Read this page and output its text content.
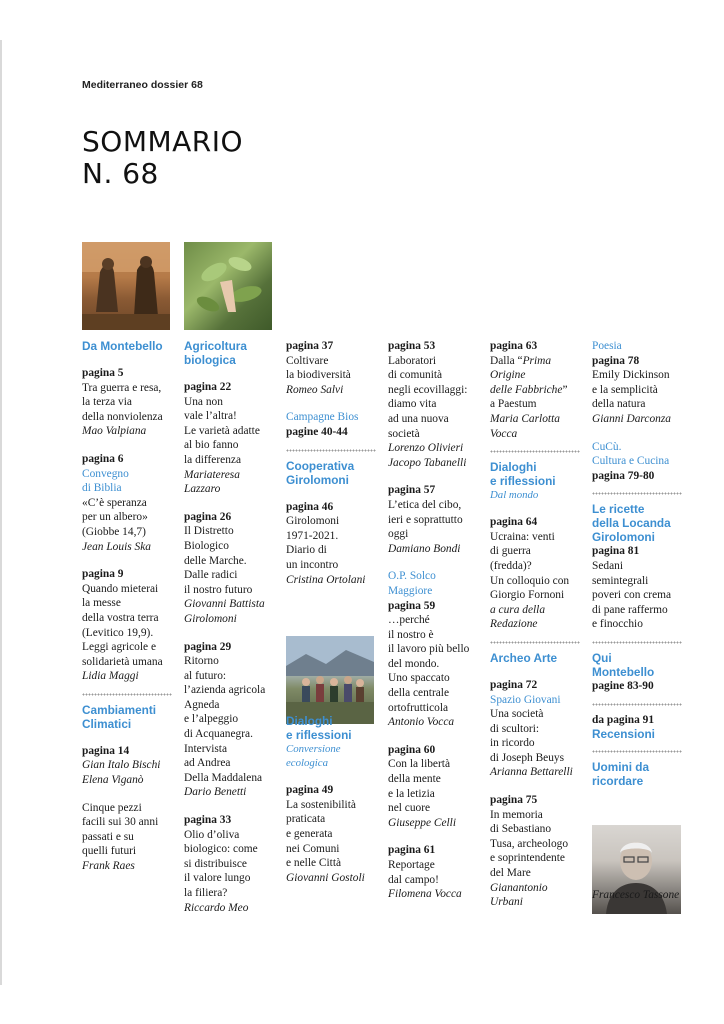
Mediterraneo dossier 68
SOMMARIO
N. 68
Da Montebello
pagina 5
Tra guerra e resa,
la terza via
della nonviolenza
Mao Valpiana
pagina 6
Convegno
di Biblia
«C’è speranza
per un albero»
(Giobbe 14,7)
Jean Louis Ska
pagina 9
Quando mieterai
la messe
della vostra terra
(Levitico 19,9).
Leggi agricole e
solidarietà umana
Lidia Maggi
Cambiamenti
Climatici
pagina 14
Gian Italo Bischi
Elena Viganò
Cinque pezzi
facili sui 30 anni
passati e su
quelli futuri
Frank Raes
Agricoltura
biologica
pagina 22
Una non
vale l’altra!
Le varietà adatte
al bio fanno
la differenza
Mariateresa
Lazzaro
pagina 26
Il Distretto
Biologico
delle Marche.
Dalle radici
il nostro futuro
Giovanni Battista
Girolomoni
pagina 29
Ritorno
al futuro:
l’azienda agricola
Agneda
e l’alpeggio
di Acquanegra.
Intervista
ad Andrea
Della Maddalena
Dario Benetti
pagina 33
Olio d’oliva
biologico: come
si distribuisce
il valore lungo
la filiera?
Riccardo Meo
pagina 37
Coltivare
la biodiversità
Romeo Salvi
Campagne Bios
pagine 40-44
Cooperativa
Girolomoni
pagina 46
Girolomoni
1971-2021.
Diario di
un incontro
Cristina Ortolani
Dialoghi
e riflessioni
Conversione
ecologica
pagina 49
La sostenibilità
praticata
e generata
nei Comuni
e nelle Città
Giovanni Gostoli
pagina 53
Laboratori
di comunità
negli ecovillaggi:
diamo vita
ad una nuova
società
Lorenzo Olivieri
Jacopo Tabanelli
pagina 57
L’etica del cibo,
ieri e soprattutto
oggi
Damiano Bondi
O.P. Solco
Maggiore
pagina 59
…perché
il nostro è
il lavoro più bello
del mondo.
Uno spaccato
della centrale
ortofrutticola
Antonio Vocca
pagina 60
Con la libertà
della mente
e la letizia
nel cuore
Giuseppe Celli
pagina 61
Reportage
dal campo!
Filomena Vocca
pagina 63
Dalla “Prima
Origine
delle Fabbriche”
a Paestum
Maria Carlotta
Vocca
Dialoghi
e riflessioni
Dal mondo
pagina 64
Ucraina: venti
di guerra
(fredda)?
Un colloquio con
Giorgio Fornoni
a cura della
Redazione
Archeo Arte
pagina 72
Spazio Giovani
Una società
di scultori:
in ricordo
di Joseph Beuys
Arianna Bettarelli
pagina 75
In memoria
di Sebastiano
Tusa, archeologo
e soprintendente
del Mare
Gianantonio
Urbani
Poesia
pagina 78
Emily Dickinson
e la semplicità
della natura
Gianni Darconza
CuCù.
Cultura e Cucina
pagina 79-80
Le ricette
della Locanda
Girolomoni
pagina 81
Sedani
semintegrali
poveri con crema
di pane raffermo
e finocchio
Qui
Montebello
pagine 83-90
da pagina 91
Recensioni
Uomini da
ricordare
Francesco Tassone
